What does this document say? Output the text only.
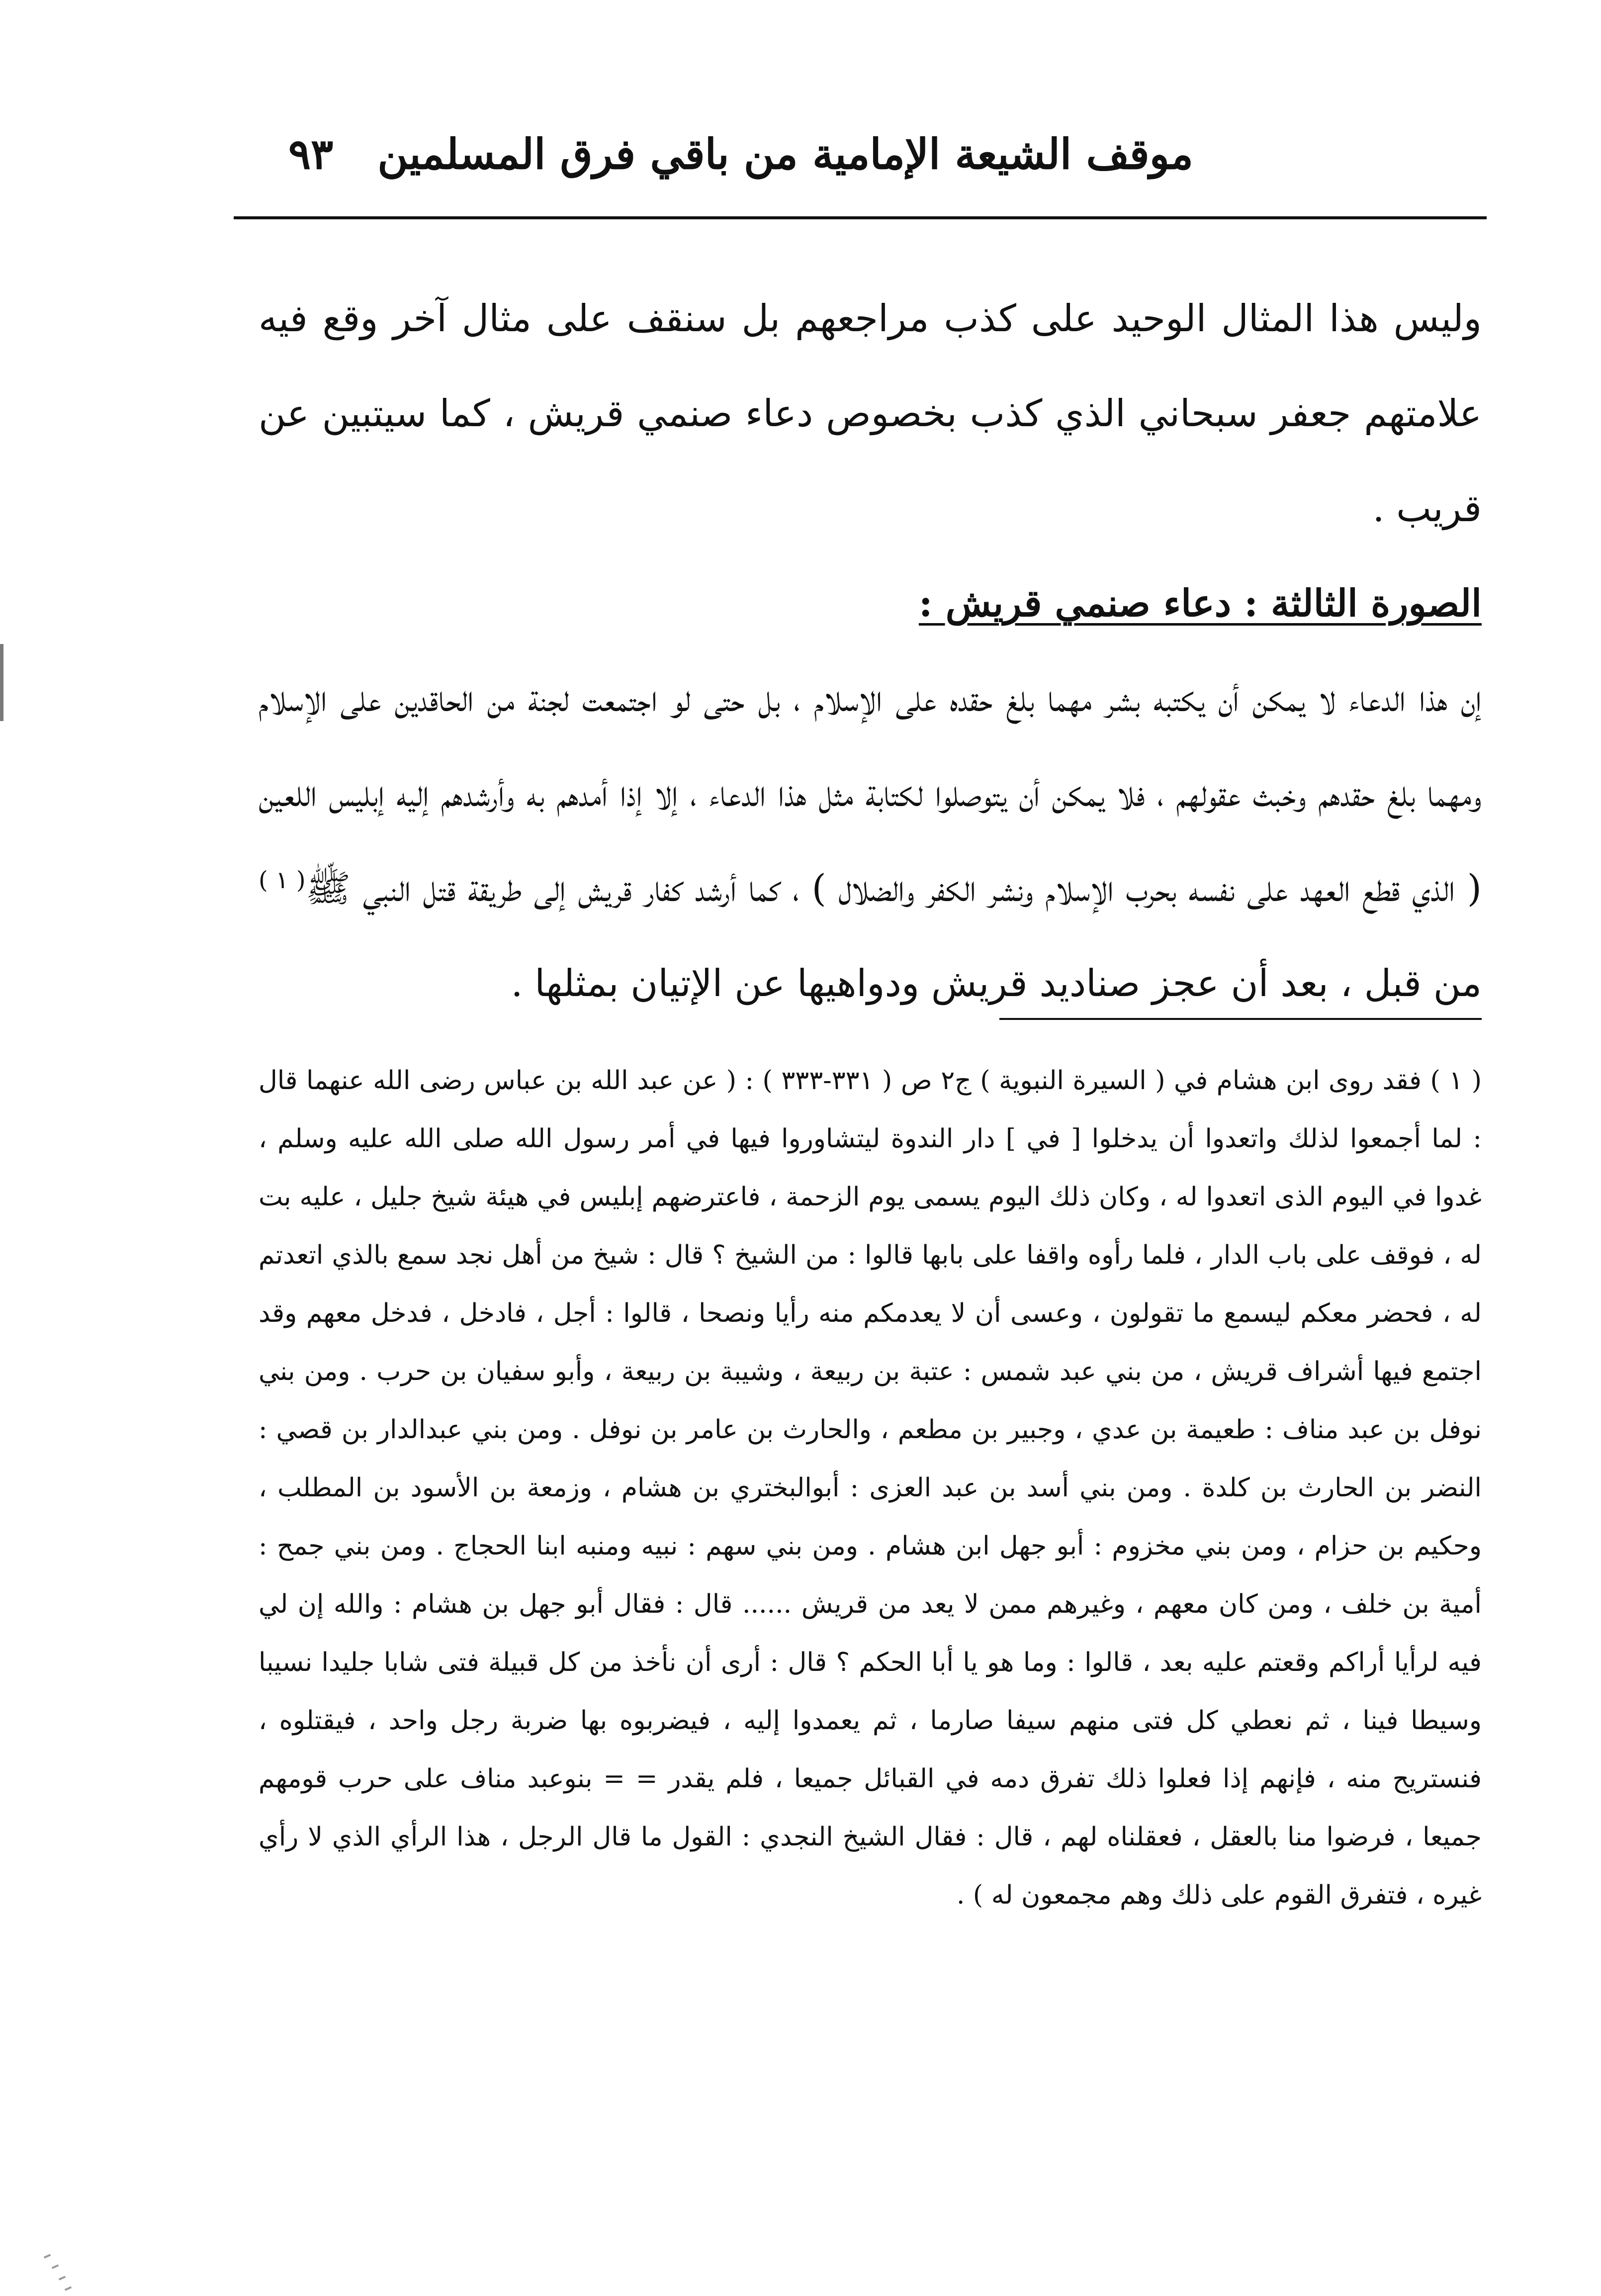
موقف الشيعة الإمامية من باقي فرق المسلمين
٩٣

وليس هذا المثال الوحيد على كذب مراجعهم بل سنقف على مثال آخر وقع فيه علامتهم جعفر سبحاني الذي كذب بخصوص دعاء صنمي قريش ، كما سيتبين عن قريب .

الصورة الثالثة : دعاء صنمي قريش :

إن هذا الدعاء لا يمكن أن يكتبه بشر مهما بلغ حقده على الإسلام ، بل حتى لو اجتمعت لجنة من الحاقدين على الإسلام ومهما بلغ حقدهم وخبث عقولهم ، فلا يمكن أن يتوصلوا لكتابة مثل هذا الدعاء ، إلا إذا أمدهم به وأرشدهم إليه إبليس اللعين ( الذي قطع العهد على نفسه بحرب الإسلام ونشر الكفر والضلال ) ، كما أرشد كفار قريش إلى طريقة قتل النبي ﷺ$^{( ١ )}$ من قبل ، بعد أن عجز صناديد قريش ودواهيها عن الإتيان بمثلها .

( ١ ) فقد روى ابن هشام في ( السيرة النبوية ) ج٢ ص ( ٣٣١-٣٣٣ ) : ( عن عبد الله بن عباس رضى الله عنهما قال : لما أجمعوا لذلك واتعدوا أن يدخلوا [ في ] دار الندوة ليتشاوروا فيها في أمر رسول الله صلى الله عليه وسلم ، غدوا في اليوم الذى اتعدوا له ، وكان ذلك اليوم يسمى يوم الزحمة ، فاعترضهم إبليس في هيئة شيخ جليل ، عليه بت له ، فوقف على باب الدار ، فلما رأوه واقفا على بابها قالوا : من الشيخ ؟ قال : شيخ من أهل نجد سمع بالذي اتعدتم له ، فحضر معكم ليسمع ما تقولون ، وعسى أن لا يعدمكم منه رأيا ونصحا ، قالوا : أجل ، فادخل ، فدخل معهم وقد اجتمع فيها أشراف قريش ، من بني عبد شمس : عتبة بن ربيعة ، وشيبة بن ربيعة ، وأبو سفيان بن حرب . ومن بني نوفل بن عبد مناف : طعيمة بن عدي ، وجبير بن مطعم ، والحارث بن عامر بن نوفل . ومن بني عبدالدار بن قصي : النضر بن الحارث بن كلدة . ومن بني أسد بن عبد العزى : أبوالبختري بن هشام ، وزمعة بن الأسود بن المطلب ، وحكيم بن حزام ، ومن بني مخزوم : أبو جهل ابن هشام . ومن بني سهم : نبيه ومنبه ابنا الحجاج . ومن بني جمح : أمية بن خلف ، ومن كان معهم ، وغيرهم ممن لا يعد من قريش ...... قال : فقال أبو جهل بن هشام : والله إن لي فيه لرأيا أراكم وقعتم عليه بعد ، قالوا : وما هو يا أبا الحكم ؟ قال : أرى أن نأخذ من كل قبيلة فتى شابا جليدا نسيبا وسيطا فينا ، ثم نعطي كل فتى منهم سيفا صارما ، ثم يعمدوا إليه ، فيضربوه بها ضربة رجل واحد ، فيقتلوه ، فنستريح منه ، فإنهم إذا فعلوا ذلك تفرق دمه في القبائل جميعا ، فلم يقدر = = بنوعبد مناف على حرب قومهم جميعا ، فرضوا منا بالعقل ، فعقلناه لهم ، قال : فقال الشيخ النجدي : القول ما قال الرجل ، هذا الرأي الذي لا رأي غيره ، فتفرق القوم على ذلك وهم مجمعون له ) .
